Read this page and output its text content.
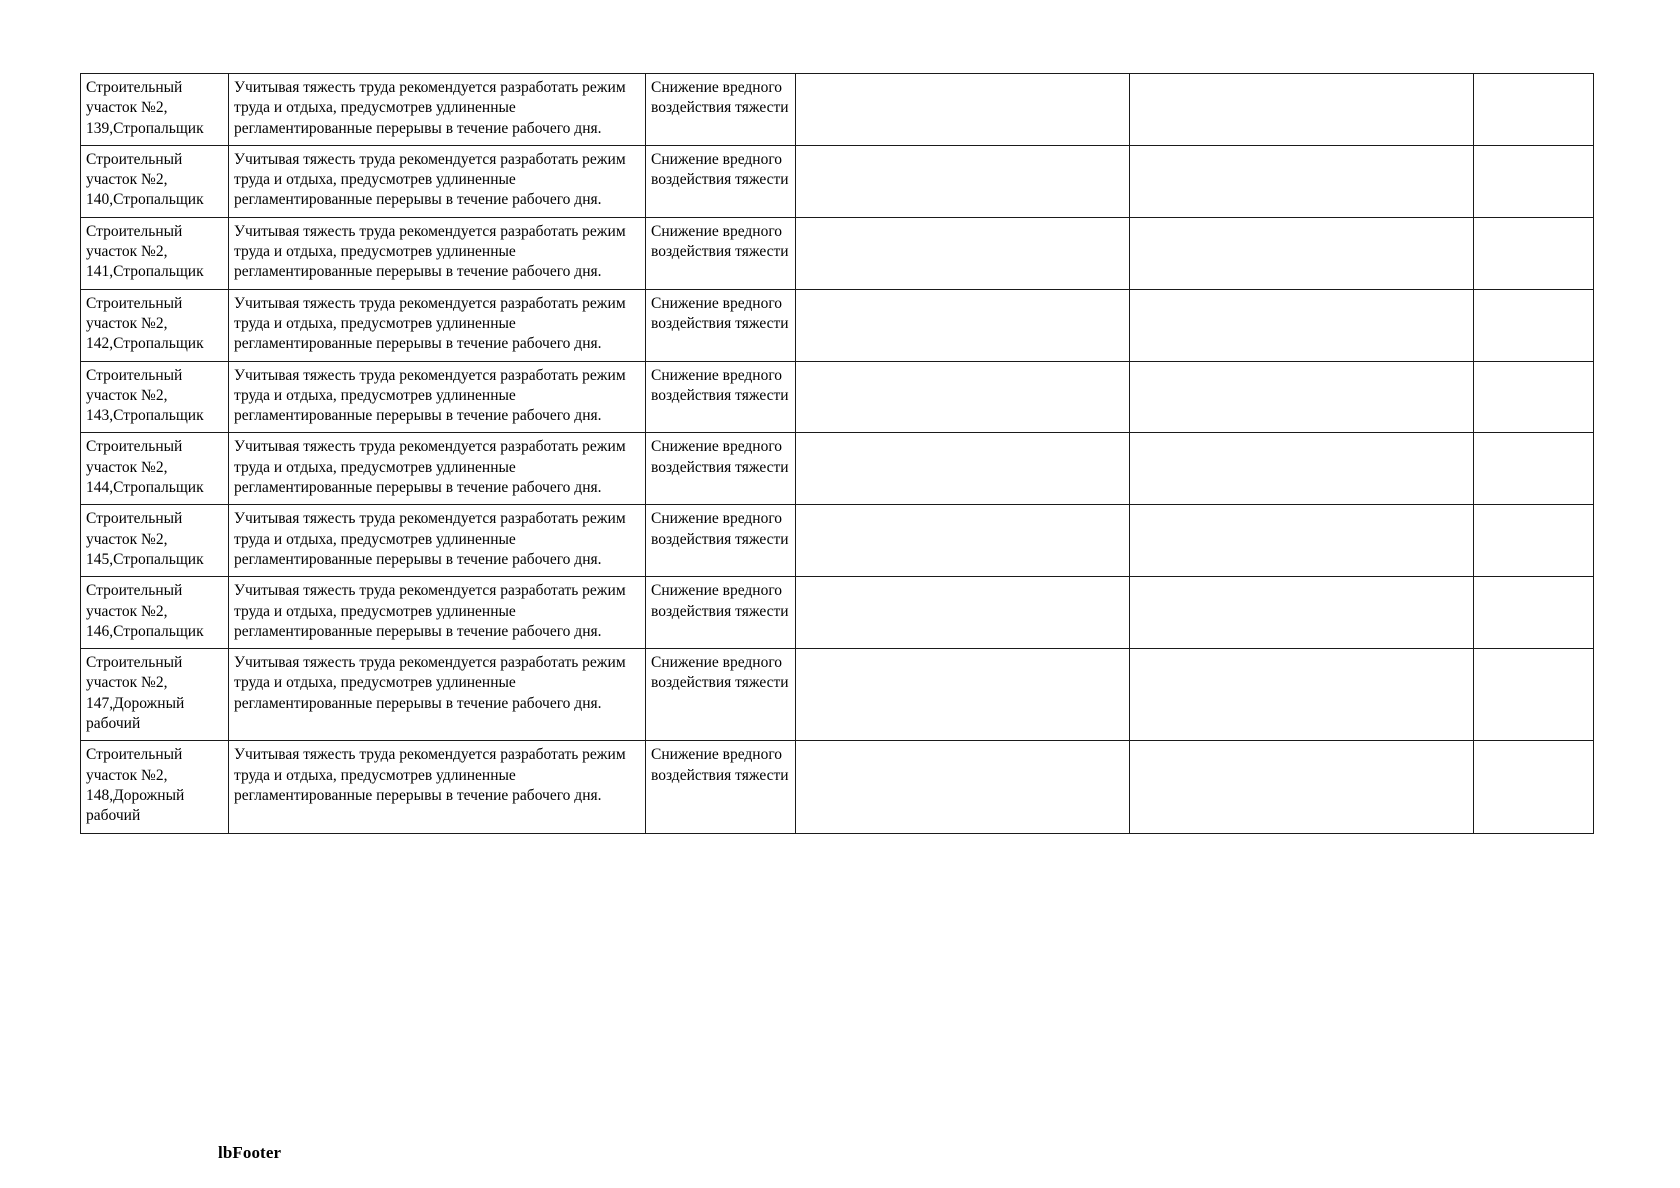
Строительный участок №2, 139,Стропальщик	Учитывая тяжесть труда рекомендуется разработать режим труда и отдыха, предусмотрев удлиненные регламентированные перерывы в течение рабочего дня.	Снижение вредного воздействия тяжести			
Строительный участок №2, 140,Стропальщик	Учитывая тяжесть труда рекомендуется разработать режим труда и отдыха, предусмотрев удлиненные регламентированные перерывы в течение рабочего дня.	Снижение вредного воздействия тяжести			
Строительный участок №2, 141,Стропальщик	Учитывая тяжесть труда рекомендуется разработать режим труда и отдыха, предусмотрев удлиненные регламентированные перерывы в течение рабочего дня.	Снижение вредного воздействия тяжести			
Строительный участок №2, 142,Стропальщик	Учитывая тяжесть труда рекомендуется разработать режим труда и отдыха, предусмотрев удлиненные регламентированные перерывы в течение рабочего дня.	Снижение вредного воздействия тяжести			
Строительный участок №2, 143,Стропальщик	Учитывая тяжесть труда рекомендуется разработать режим труда и отдыха, предусмотрев удлиненные регламентированные перерывы в течение рабочего дня.	Снижение вредного воздействия тяжести			
Строительный участок №2, 144,Стропальщик	Учитывая тяжесть труда рекомендуется разработать режим труда и отдыха, предусмотрев удлиненные регламентированные перерывы в течение рабочего дня.	Снижение вредного воздействия тяжести			
Строительный участок №2, 145,Стропальщик	Учитывая тяжесть труда рекомендуется разработать режим труда и отдыха, предусмотрев удлиненные регламентированные перерывы в течение рабочего дня.	Снижение вредного воздействия тяжести			
Строительный участок №2, 146,Стропальщик	Учитывая тяжесть труда рекомендуется разработать режим труда и отдыха, предусмотрев удлиненные регламентированные перерывы в течение рабочего дня.	Снижение вредного воздействия тяжести			
Строительный участок №2, 147,Дорожный рабочий	Учитывая тяжесть труда рекомендуется разработать режим труда и отдыха, предусмотрев удлиненные регламентированные перерывы в течение рабочего дня.	Снижение вредного воздействия тяжести			
Строительный участок №2, 148,Дорожный рабочий	Учитывая тяжесть труда рекомендуется разработать режим труда и отдыха, предусмотрев удлиненные регламентированные перерывы в течение рабочего дня.	Снижение вредного воздействия тяжести			
lbFooter
